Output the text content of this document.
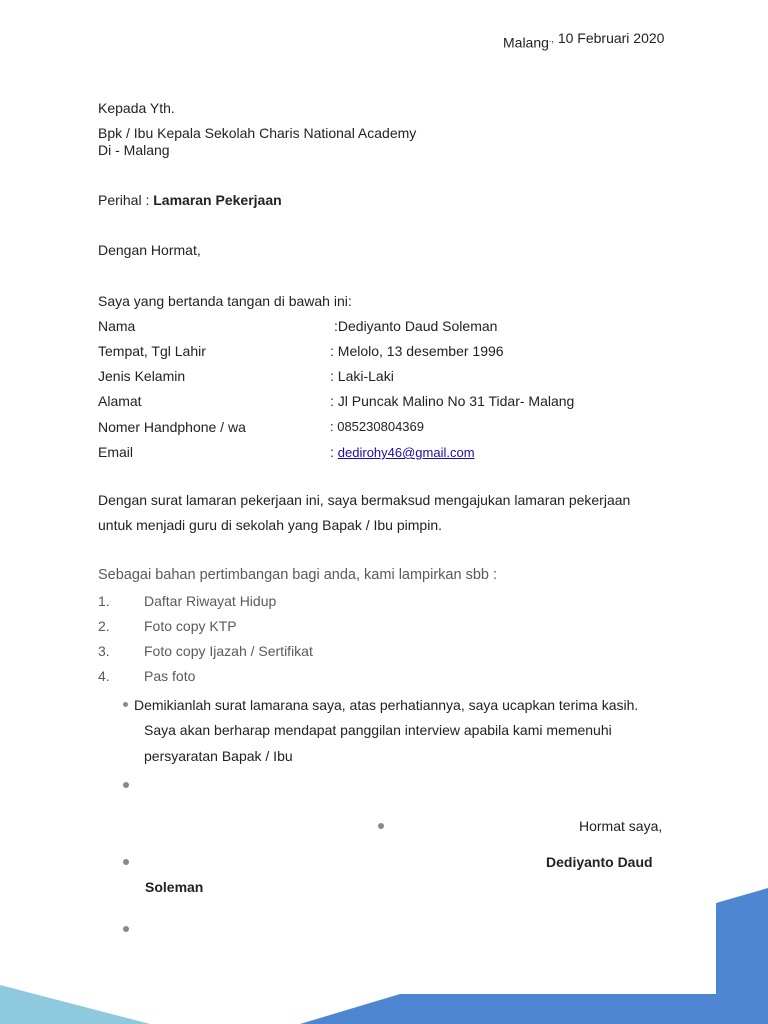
Malang., 10 Februari 2020
Kepada Yth.
Bpk / Ibu Kepala Sekolah Charis National Academy
Di - Malang
Perihal : Lamaran Pekerjaan
Dengan Hormat,
Saya yang bertanda tangan di bawah ini:
Nama	:Dediyanto Daud Soleman
Tempat, Tgl Lahir	: Melolo, 13 desember 1996
Jenis Kelamin	: Laki-Laki
Alamat	: Jl Puncak Malino No 31 Tidar- Malang
Nomer Handphone / wa	: 085230804369
Email	: dedirohy46@gmail.com
Dengan surat lamaran pekerjaan ini, saya bermaksud mengajukan lamaran pekerjaan
untuk menjadi guru di sekolah yang Bapak / Ibu pimpin.
Sebagai bahan pertimbangan bagi anda, kami lampirkan sbb :
1. Daftar Riwayat Hidup
2. Foto copy KTP
3. Foto copy Ijazah / Sertifikat
4. Pas foto
Demikianlah surat lamarana saya, atas perhatiannya, saya ucapkan terima kasih.
Saya akan berharap mendapat panggilan interview apabila kami memenuhi
persyaratan Bapak / Ibu
Hormat saya,
Dediyanto Daud
Soleman
